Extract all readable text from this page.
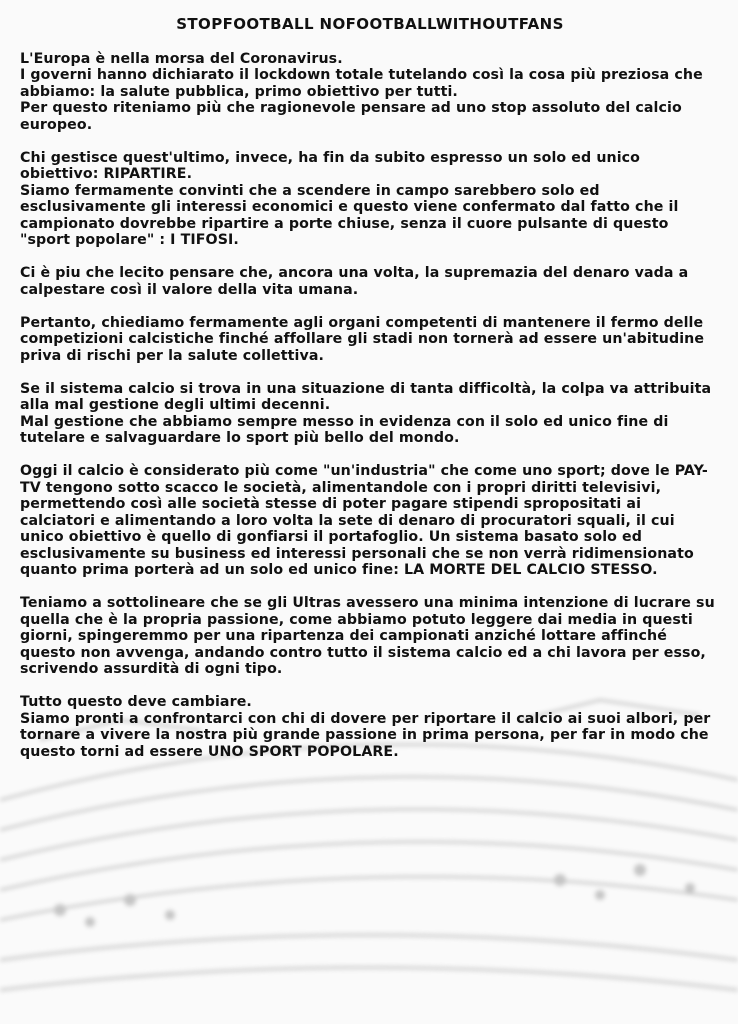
STOPFOOTBALL NOFOOTBALLWITHOUTFANS

L'Europa è nella morsa del Coronavirus.

I governi hanno dichiarato il lockdown totale tutelando così la cosa più preziosa che abbiamo: la salute pubblica, primo obiettivo per tutti.

Per questo riteniamo più che ragionevole pensare ad uno stop assoluto del calcio europeo.

Chi gestisce quest'ultimo, invece, ha fin da subito espresso un solo ed unico obiettivo: RIPARTIRE.

Siamo fermamente convinti che a scendere in campo sarebbero solo ed esclusivamente gli interessi economici e questo viene confermato dal fatto che il campionato dovrebbe ripartire a porte chiuse, senza il cuore pulsante di questo "sport popolare" : I TIFOSI.

Ci è piu che lecito pensare che, ancora una volta, la supremazia del denaro vada a calpestare così il valore della vita umana.
Pertanto, chiediamo fermamente agli organi competenti di mantenere il fermo delle competizioni calcistiche finché affollare gli stadi non tornerà ad essere un'abitudine priva di rischi per la salute collettiva.

Se il sistema calcio si trova in una situazione di tanta difficoltà, la colpa va attribuita alla mal gestione degli ultimi decenni.

Mal gestione che abbiamo sempre messo in evidenza con il solo ed unico fine di tutelare e salvaguardare lo sport più bello del mondo.

Oggi il calcio è considerato più come "un'industria" che come uno sport; dove le PAY-TV tengono sotto scacco le società, alimentandole con i propri diritti televisivi, permettendo così alle società stesse di poter pagare stipendi spropositati ai calciatori e alimentando a loro volta la sete di denaro di procuratori squali, il cui unico obiettivo è quello di gonfiarsi il portafoglio. Un sistema basato solo ed esclusivamente su business ed interessi personali che se non verrà ridimensionato quanto prima porterà ad un solo ed unico fine: LA MORTE DEL CALCIO STESSO.
Teniamo a sottolineare che se gli Ultras avessero una minima intenzione di lucrare su quella che è la propria passione, come abbiamo potuto leggere dai media in questi giorni, spingeremmo per una ripartenza dei campionati anziché lottare affinché questo non avvenga, andando contro tutto il sistema calcio ed a chi lavora per esso, scrivendo assurdità di ogni tipo.

Tutto questo deve cambiare.

Siamo pronti a confrontarci con chi di dovere per riportare il calcio ai suoi albori, per tornare a vivere la nostra più grande passione in prima persona, per far in modo che questo torni ad essere UNO SPORT POPOLARE.
